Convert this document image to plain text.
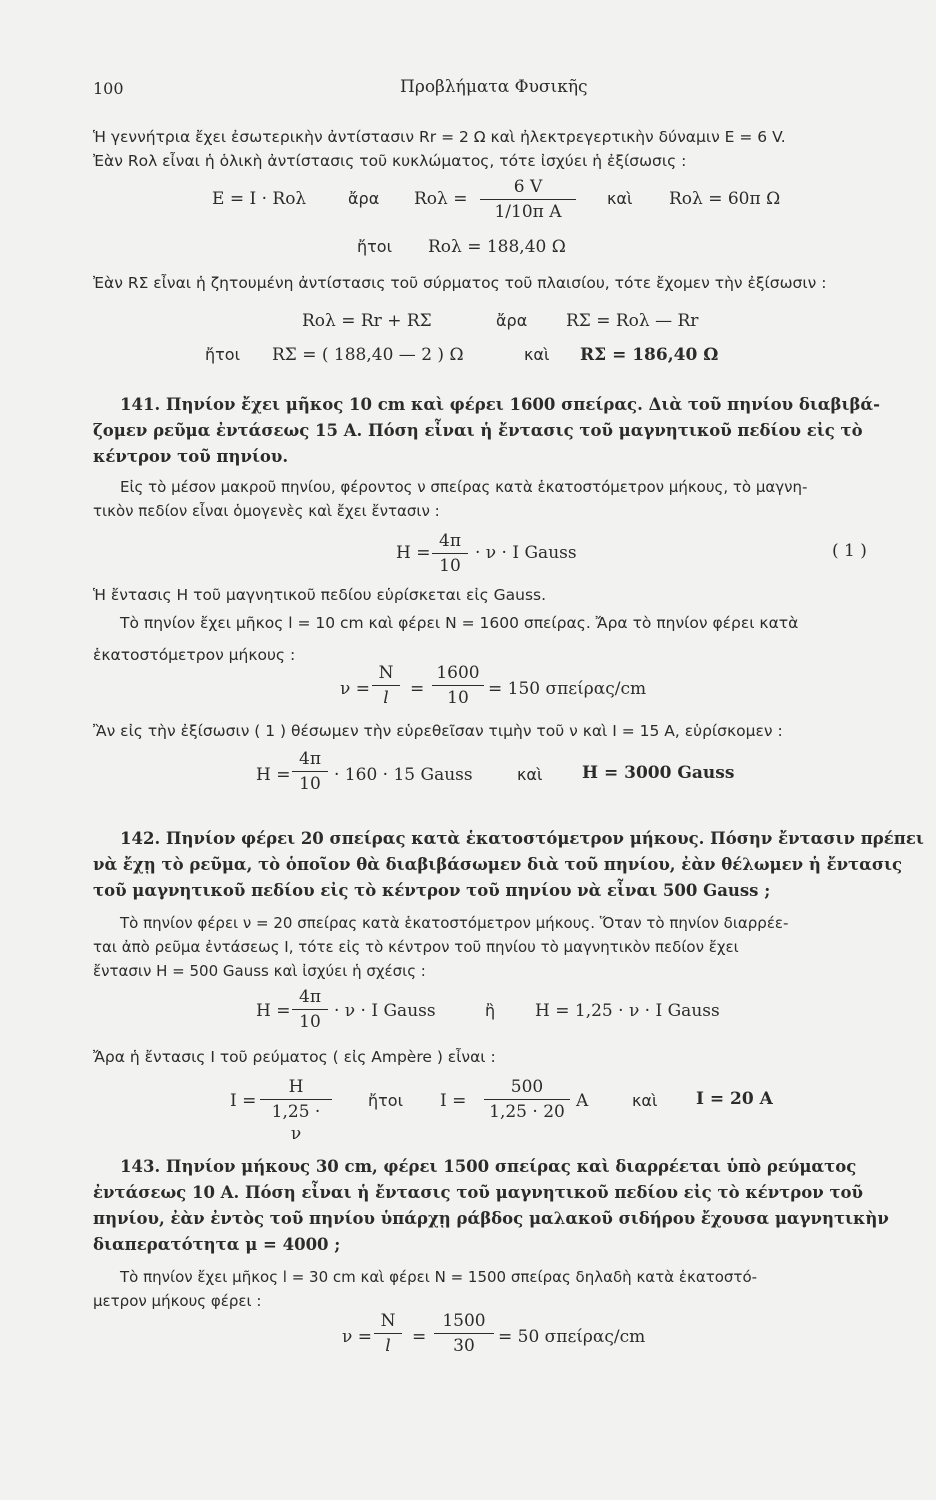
100	Προβλήματα Φυσικῆς
Ἡ γεννήτρια ἔχει ἐσωτερικὴν ἀντίστασιν Rr = 2 Ω καὶ ἠλεκτρεγερτικὴν δύναμιν E = 6 V.
Ἐὰν Rολ εἶναι ἡ ὁλικὴ ἀντίστασις τοῦ κυκλώματος, τότε ἰσχύει ἡ ἐξίσωσις :
E = I · Rολ	ἄρα Rολ =
6 V
1/10π A
καὶ Rολ = 60π Ω
ἤτοι Rολ = 188,40 Ω
Ἐὰν RΣ εἶναι ἡ ζητουμένη ἀντίστασις τοῦ σύρματος τοῦ πλαισίου, τότε ἔχομεν τὴν ἐξίσωσιν :
Rολ = Rr + RΣ	ἄρα RΣ = Rολ — Rr
ἤτοι RΣ = ( 188,40 — 2 ) Ω	καὶ RΣ = 186,40 Ω
141. Πηνίον ἔχει μῆκος 10 cm καὶ φέρει 1600 σπείρας. Διὰ τοῦ πηνίου διαβιβά-
ζομεν ρεῦμα ἐντάσεως 15 A. Πόση εἶναι ἡ ἔντασις τοῦ μαγνητικοῦ πεδίου εἰς τὸ
κέντρον τοῦ πηνίου.
Εἰς τὸ μέσον μακροῦ πηνίου, φέροντος ν σπείρας κατὰ ἑκατοστόμετρον μήκους, τὸ μαγνη-
τικὸν πεδίον εἶναι ὁμογενὲς καὶ ἔχει ἔντασιν :
H =
4π
10
· ν · I Gauss	( 1 )
Ἡ ἔντασις H τοῦ μαγνητικοῦ πεδίου εὑρίσκεται εἰς Gauss.
Τὸ πηνίον ἔχει μῆκος l = 10 cm καὶ φέρει N = 1600 σπείρας. Ἄρα τὸ πηνίον φέρει κατὰ
ἑκατοστόμετρον μήκους :
ν =
N
l	=
1600
10	= 150 σπείρας/cm
Ἂν εἰς τὴν ἐξίσωσιν ( 1 ) θέσωμεν τὴν εὑρεθεῖσαν τιμὴν τοῦ ν καὶ I = 15 A, εὑρίσκομεν :
H =
4π
10 · 160 · 15 Gauss	καὶ H = 3000 Gauss
142. Πηνίον φέρει 20 σπείρας κατὰ ἑκατοστόμετρον μήκους. Πόσην ἔντασιν πρέπει
νὰ ἔχῃ τὸ ρεῦμα, τὸ ὁποῖον θὰ διαβιβάσωμεν διὰ τοῦ πηνίου, ἐὰν θέλωμεν ἡ ἔντασις
τοῦ μαγνητικοῦ πεδίου εἰς τὸ κέντρον τοῦ πηνίου νὰ εἶναι 500 Gauss ;
Τὸ πηνίον φέρει ν = 20 σπείρας κατὰ ἑκατοστόμετρον μήκους. Ὅταν τὸ πηνίον διαρρέε-
ται ἀπὸ ρεῦμα ἐντάσεως I, τότε εἰς τὸ κέντρον τοῦ πηνίου τὸ μαγνητικὸν πεδίον ἔχει
ἔντασιν H = 500 Gauss καὶ ἰσχύει ἡ σχέσις :
H =
4π
10
· ν · I Gauss	ἢ H = 1,25 · ν · I Gauss
Ἄρα ἡ ἔντασις I τοῦ ρεύματος ( εἰς Ampère ) εἶναι :
I =
H
1,25 · ν
ἤτοι I =
500
1,25 · 20
A	καὶ I = 20 A
143. Πηνίον μήκους 30 cm, φέρει 1500 σπείρας καὶ διαρρέεται ὑπὸ ρεύματος
ἐντάσεως 10 A. Πόση εἶναι ἡ ἔντασις τοῦ μαγνητικοῦ πεδίου εἰς τὸ κέντρον τοῦ
πηνίου, ἐὰν ἐντὸς τοῦ πηνίου ὑπάρχῃ ράβδος μαλακοῦ σιδήρου ἔχουσα μαγνητικὴν
διαπερατότητα μ = 4000 ;
Τὸ πηνίον ἔχει μῆκος l = 30 cm καὶ φέρει N = 1500 σπείρας δηλαδὴ κατὰ ἑκατοστό-
μετρον μήκους φέρει :
ν =
N
l	=
1500
30	= 50 σπείρας/cm
